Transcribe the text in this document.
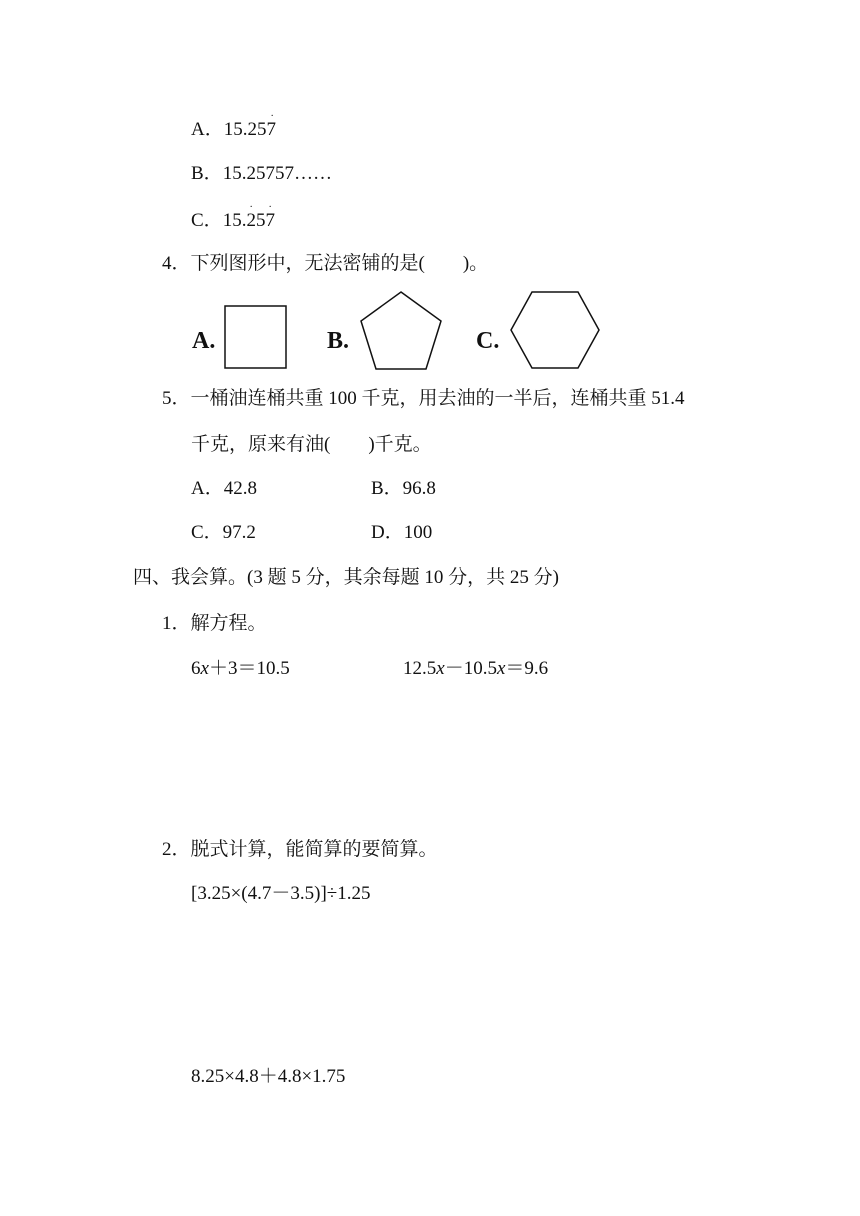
A．15.25
·
7
B．15.25757……
C．15.
·
25
·
7
4．下列图形中，无法密铺的是(　　)。
A.	B.	C.
5．一桶油连桶共重 100 千克，用去油的一半后，连桶共重 51.4
千克，原来有油(　　)千克。
A．42.8	B．96.8
C．97.2	D．100
四、我会算。(3 题 5 分，其余每题 10 分，共 25 分)
1．解方程。
6x＋3＝10.5	12.5x－10.5x＝9.6
2．脱式计算，能简算的要简算。
[3.25×(4.7－3.5)]÷1.25
8.25×4.8＋4.8×1.75
